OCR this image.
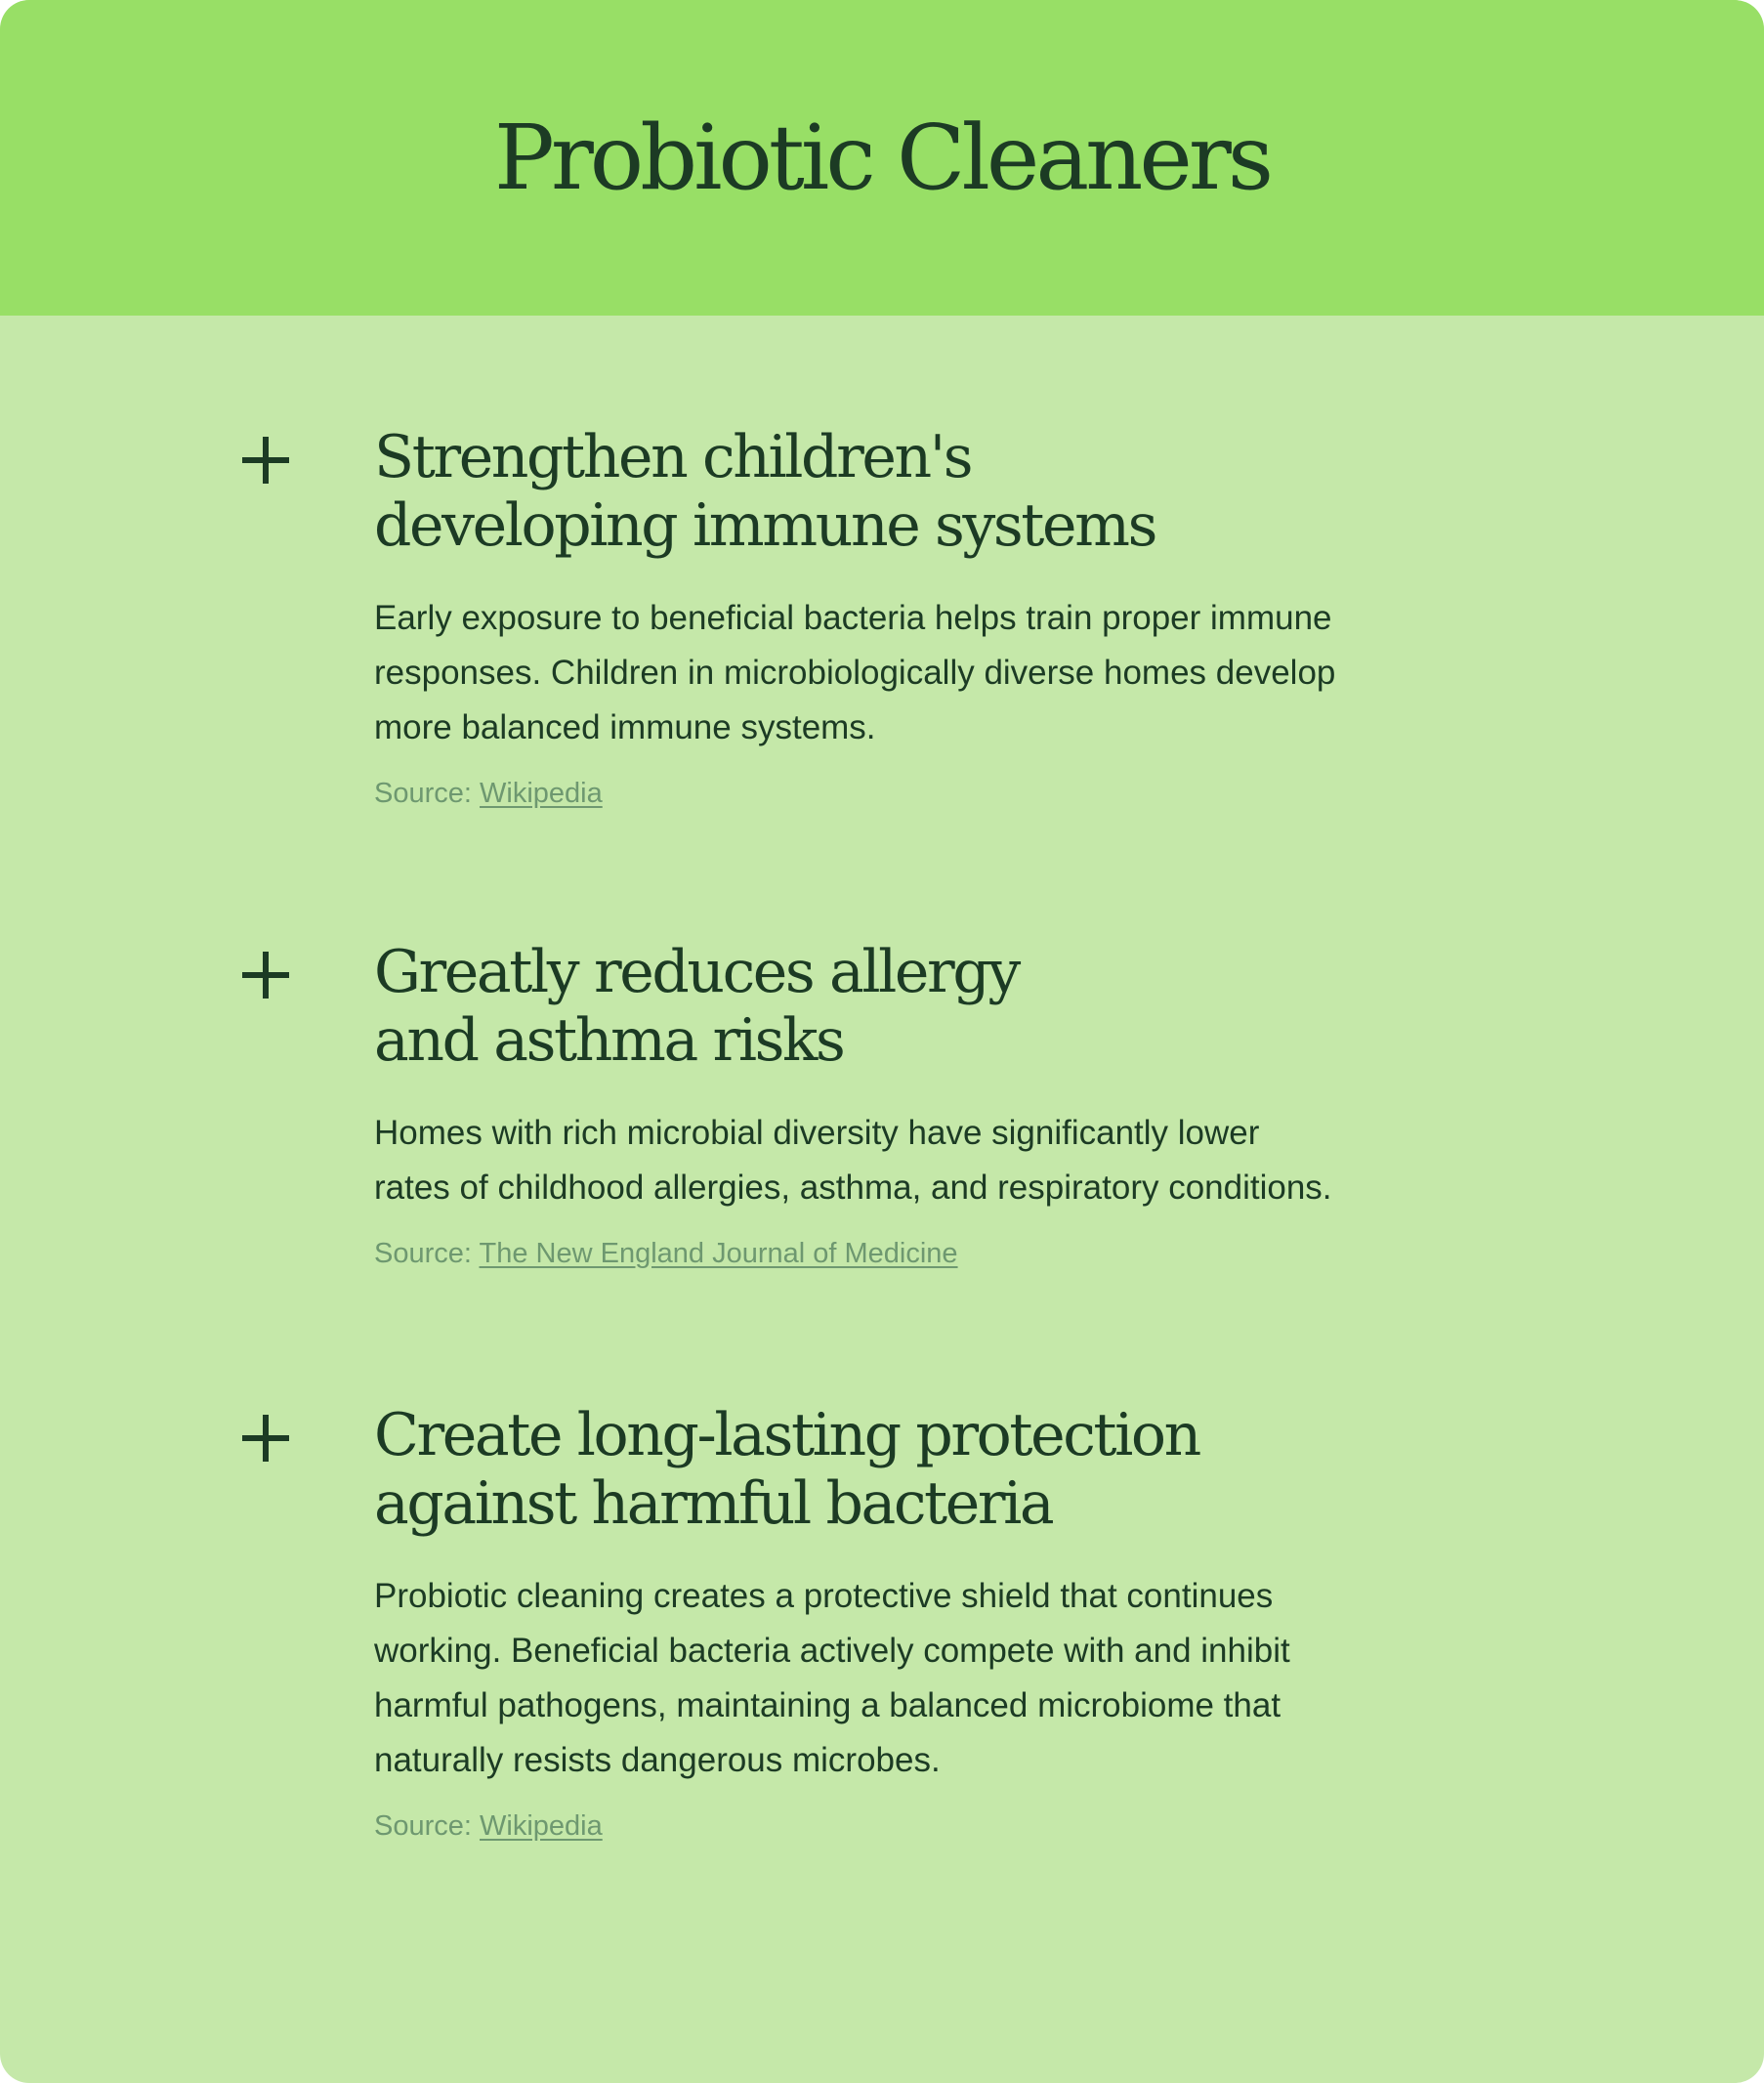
Probiotic Cleaners
Strengthen children's
developing immune systems

Early exposure to beneficial bacteria helps train proper immune
responses. Children in microbiologically diverse homes develop
more balanced immune systems.

Source: Wikipedia

Greatly reduces allergy
and asthma risks

Homes with rich microbial diversity have significantly lower
rates of childhood allergies, asthma, and respiratory conditions.

Source: The New England Journal of Medicine

Create long-lasting protection
against harmful bacteria

Probiotic cleaning creates a protective shield that continues
working. Beneficial bacteria actively compete with and inhibit
harmful pathogens, maintaining a balanced microbiome that
naturally resists dangerous microbes.

Source: Wikipedia
